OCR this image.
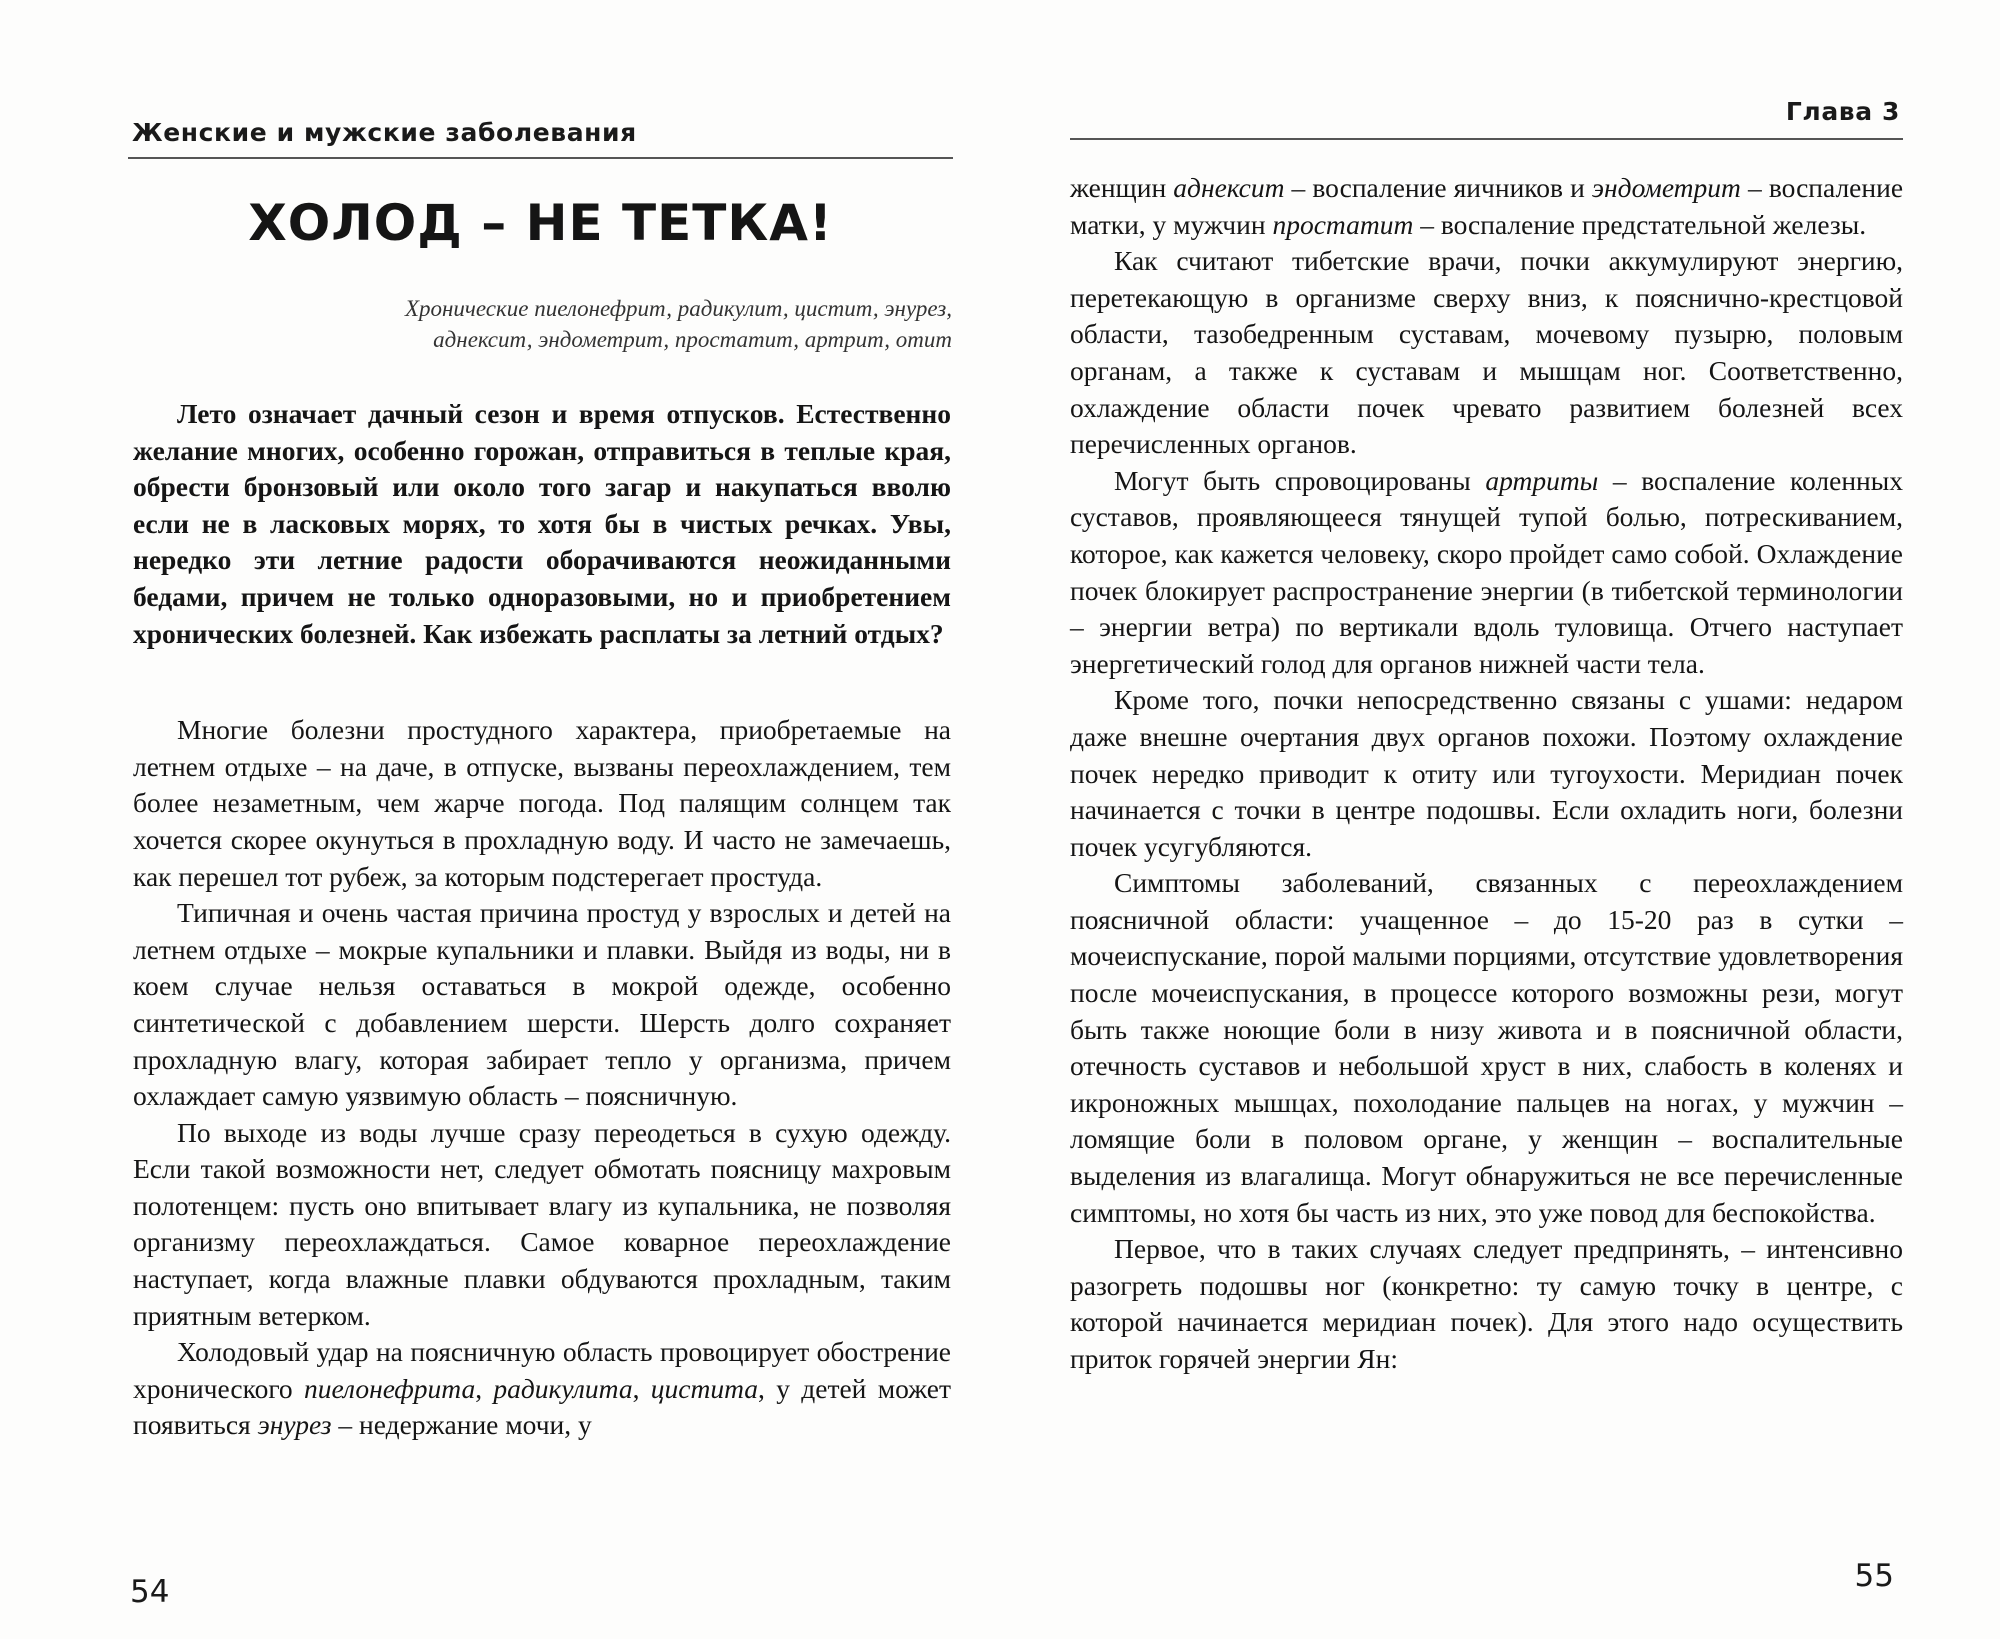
Женские и мужские заболевания
ХОЛОД – НЕ ТЕТКА!
Хронические пиелонефрит, радикулит, цистит, энурез, аднексит, эндометрит, простатит, артрит, отит

Лето означает дачный сезон и время отпусков. Естественно желание многих, особенно горожан, отправиться в теплые края, обрести бронзовый или около того загар и накупаться вволю если не в ласковых морях, то хотя бы в чистых речках. Увы, нередко эти летние радости оборачиваются неожиданными бедами, причем не только одноразовыми, но и приобретением хронических болезней. Как избежать расплаты за летний отдых?

Многие болезни простудного характера, приобретаемые на летнем отдыхе – на даче, в отпуске, вызваны переохлаждением, тем более незаметным, чем жарче погода. Под палящим солнцем так хочется скорее окунуться в прохладную воду. И часто не замечаешь, как перешел тот рубеж, за которым подстерегает простуда.

Типичная и очень частая причина простуд у взрослых и детей на летнем отдыхе – мокрые купальники и плавки. Выйдя из воды, ни в коем случае нельзя оставаться в мокрой одежде, особенно синтетической с добавлением шерсти. Шерсть долго сохраняет прохладную влагу, которая забирает тепло у организма, причем охлаждает самую уязвимую область – поясничную.

По выходе из воды лучше сразу переодеться в сухую одежду. Если такой возможности нет, следует обмотать поясницу махровым полотенцем: пусть оно впитывает влагу из купальника, не позволяя организму переохлаждаться. Самое коварное переохлаждение наступает, когда влажные плавки обдуваются прохладным, таким приятным ветерком.

Холодовый удар на поясничную область провоцирует обострение хронического пиелонефрита, радикулита, цистита, у детей может появиться энурез – недержание мочи, у

54
Глава 3

женщин аднексит – воспаление яичников и эндометрит – воспаление матки, у мужчин простатит – воспаление предстательной железы.

Как считают тибетские врачи, почки аккумулируют энергию, перетекающую в организме сверху вниз, к пояснично-крестцовой области, тазобедренным суставам, мочевому пузырю, половым органам, а также к суставам и мышцам ног. Соответственно, охлаждение области почек чревато развитием болезней всех перечисленных органов.

Могут быть спровоцированы артриты – воспаление коленных суставов, проявляющееся тянущей тупой болью, потрескиванием, которое, как кажется человеку, скоро пройдет само собой. Охлаждение почек блокирует распространение энергии (в тибетской терминологии – энергии ветра) по вертикали вдоль туловища. Отчего наступает энергетический голод для органов нижней части тела.

Кроме того, почки непосредственно связаны с ушами: недаром даже внешне очертания двух органов похожи. Поэтому охлаждение почек нередко приводит к отиту или тугоухости. Меридиан почек начинается с точки в центре подошвы. Если охладить ноги, болезни почек усугубляются.

Симптомы заболеваний, связанных с переохлаждением поясничной области: учащенное – до 15-20 раз в сутки – мочеиспускание, порой малыми порциями, отсутствие удовлетворения после мочеиспускания, в процессе которого возможны рези, могут быть также ноющие боли в низу живота и в поясничной области, отечность суставов и небольшой хруст в них, слабость в коленях и икроножных мышцах, похолодание пальцев на ногах, у мужчин – ломящие боли в половом органе, у женщин – воспалительные выделения из влагалища. Могут обнаружиться не все перечисленные симптомы, но хотя бы часть из них, это уже повод для беспокойства.

Первое, что в таких случаях следует предпринять, – интенсивно разогреть подошвы ног (конкретно: ту самую точку в центре, с которой начинается меридиан почек). Для этого надо осуществить приток горячей энергии Ян:

55
